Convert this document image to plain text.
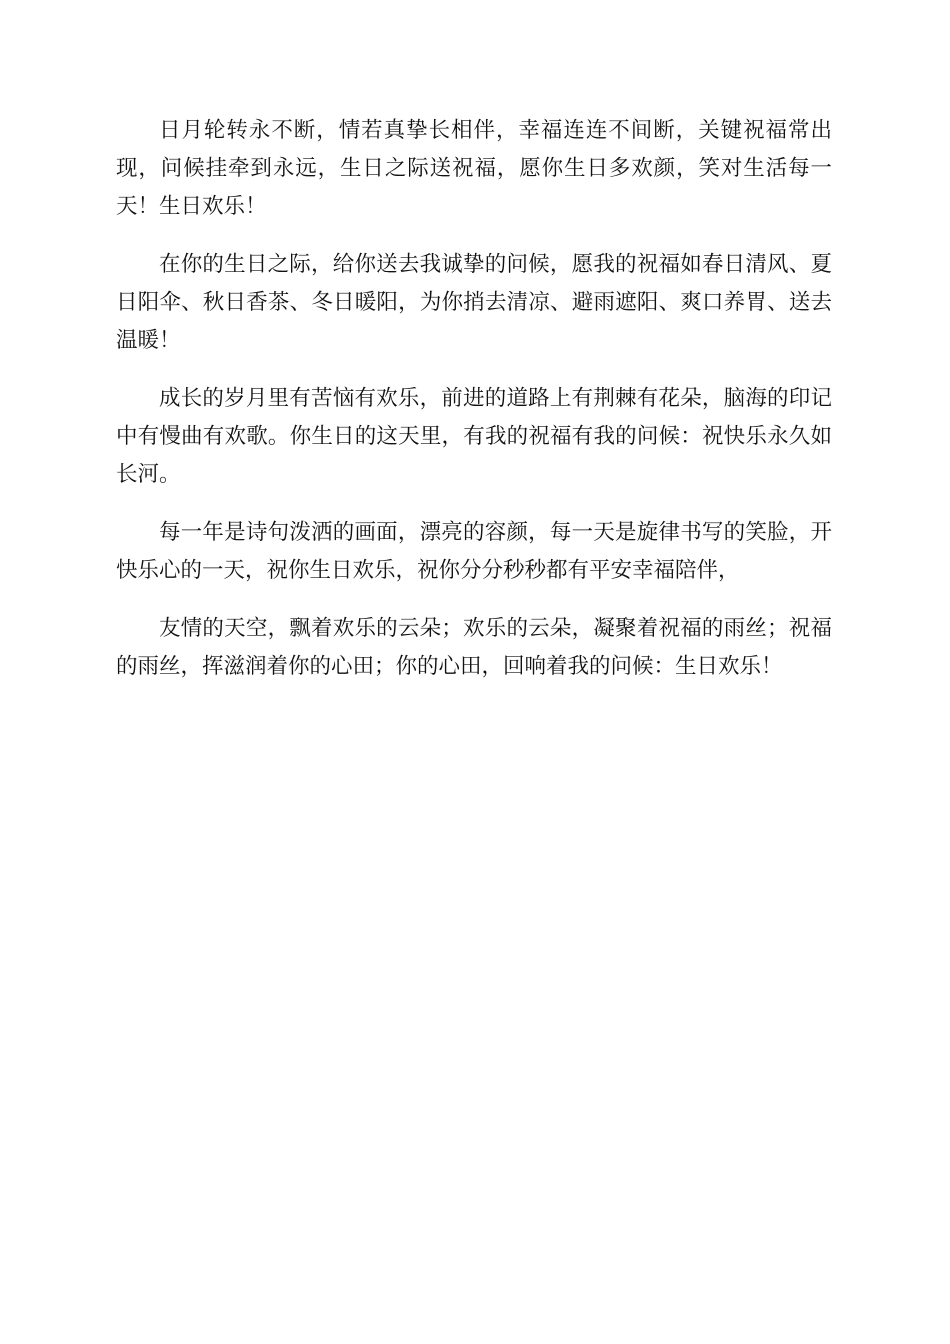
日月轮转永不断，情若真挚长相伴，幸福连连不间断，关键祝福常出现，问候挂牵到永远，生日之际送祝福，愿你生日多欢颜，笑对生活每一天！生日欢乐！

在你的生日之际，给你送去我诚挚的问候，愿我的祝福如春日清风、夏日阳伞、秋日香茶、冬日暖阳，为你捎去清凉、避雨遮阳、爽口养胃、送去温暖！

成长的岁月里有苦恼有欢乐，前进的道路上有荆棘有花朵，脑海的印记中有慢曲有欢歌。你生日的这天里，有我的祝福有我的问候：祝快乐永久如长河。

每一年是诗句泼洒的画面，漂亮的容颜，每一天是旋律书写的笑脸，开快乐心的一天，祝你生日欢乐，祝你分分秒秒都有平安幸福陪伴，

友情的天空，飘着欢乐的云朵；欢乐的云朵，凝聚着祝福的雨丝；祝福的雨丝，挥滋润着你的心田；你的心田，回响着我的问候：生日欢乐！
